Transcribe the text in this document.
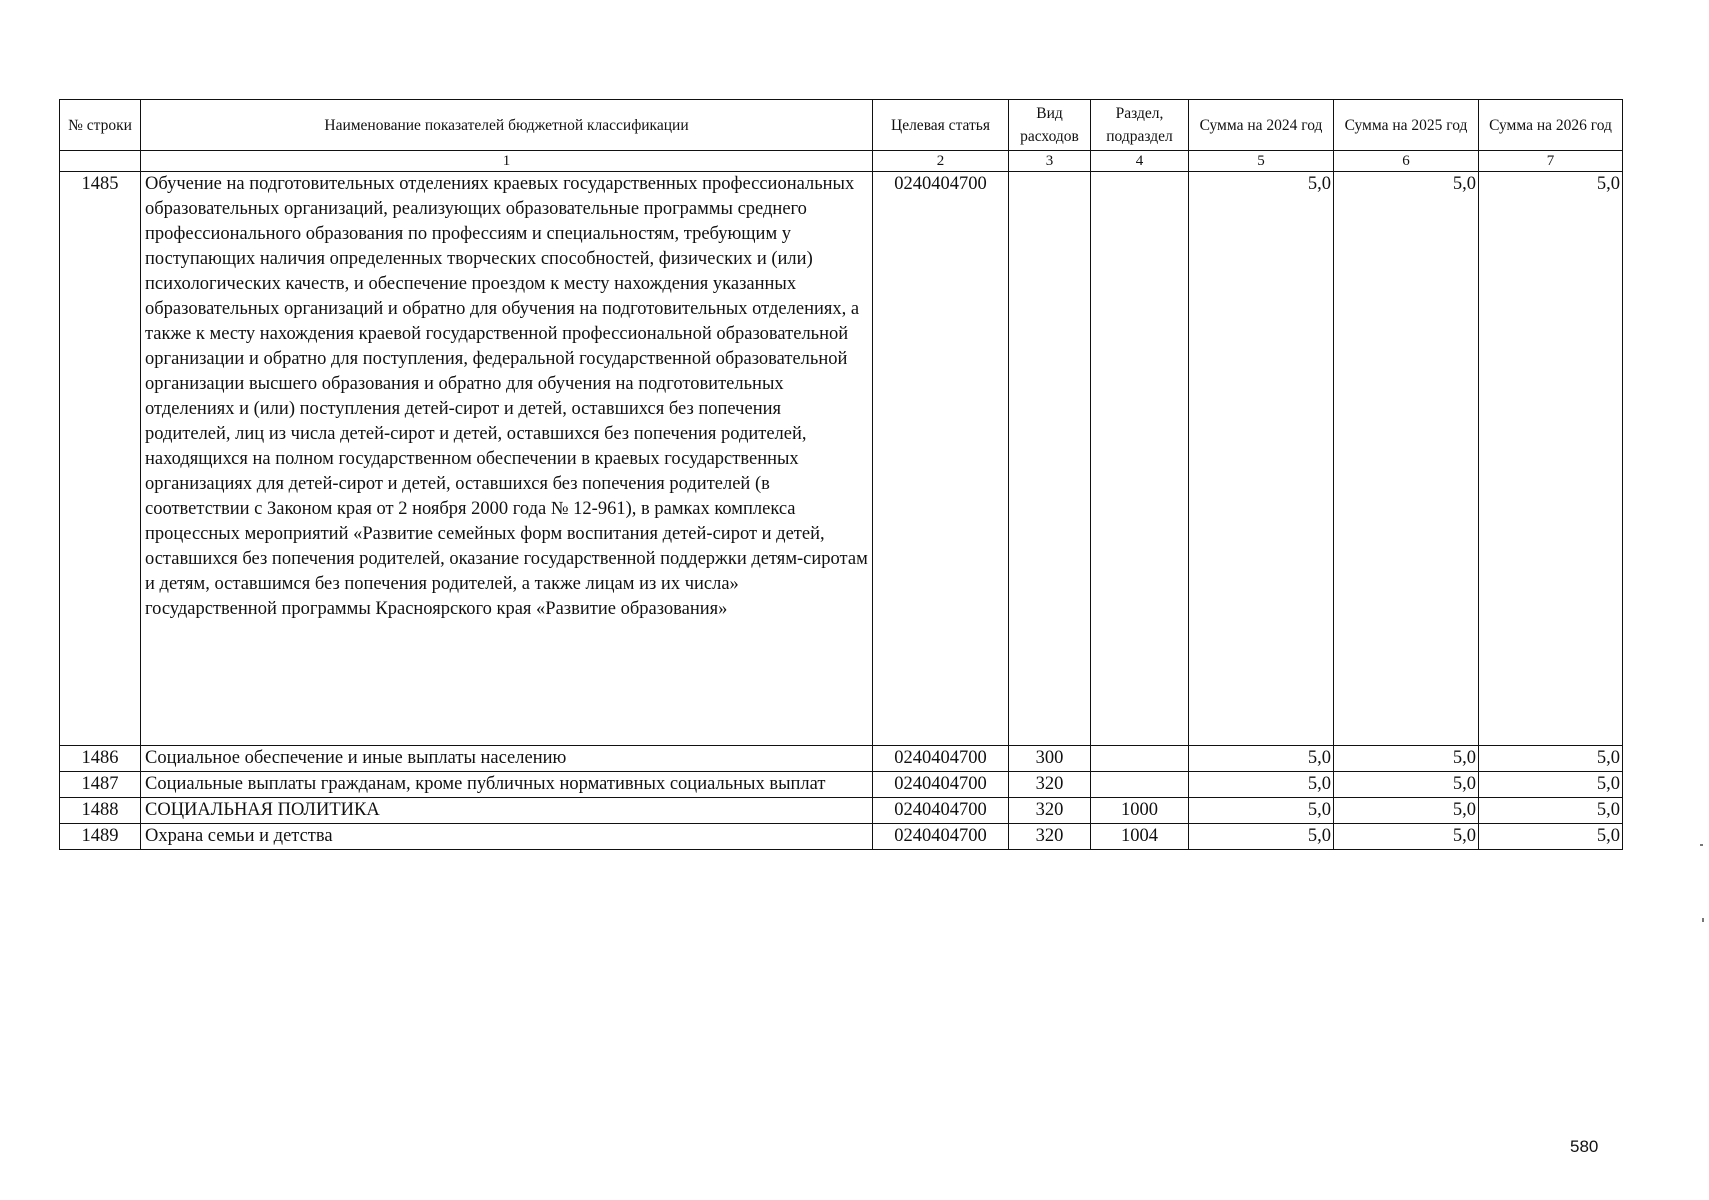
№ строки	Наименование показателей бюджетной классификации	Целевая статья	Вид расходов	Раздел, подраздел	Сумма на 2024 год	Сумма на 2025 год	Сумма на 2026 год
	1	2	3	4	5	6	7
1485	Обучение на подготовительных отделениях краевых государственных профессиональных образовательных организаций, реализующих образовательные программы среднего профессионального образования по профессиям и специальностям, требующим у поступающих наличия определенных творческих способностей, физических и (или) психологических качеств, и обеспечение проездом к месту нахождения указанных образовательных организаций и обратно для обучения на подготовительных отделениях, а также к месту нахождения краевой государственной профессиональной образовательной организации и обратно для поступления, федеральной государственной образовательной организации высшего образования и обратно для обучения на подготовительных отделениях и (или) поступления детей-сирот и детей, оставшихся без попечения родителей, лиц из числа детей-сирот и детей, оставшихся без попечения родителей, находящихся на полном государственном обеспечении в краевых государственных организациях для детей-сирот и детей, оставшихся без попечения родителей (в соответствии с Законом края от 2 ноября 2000 года № 12-961), в рамках комплекса процессных мероприятий «Развитие семейных форм воспитания детей-сирот и детей, оставшихся без попечения родителей, оказание государственной поддержки детям-сиротам и детям, оставшимся без попечения родителей, а также лицам из их числа» государственной программы Красноярского края «Развитие образования»	0240404700			5,0	5,0	5,0
1486	Социальное обеспечение и иные выплаты населению	0240404700	300		5,0	5,0	5,0
1487	Социальные выплаты гражданам, кроме публичных нормативных социальных выплат	0240404700	320		5,0	5,0	5,0
1488	СОЦИАЛЬНАЯ ПОЛИТИКА	0240404700	320	1000	5,0	5,0	5,0
1489	Охрана семьи и детства	0240404700	320	1004	5,0	5,0	5,0
580
